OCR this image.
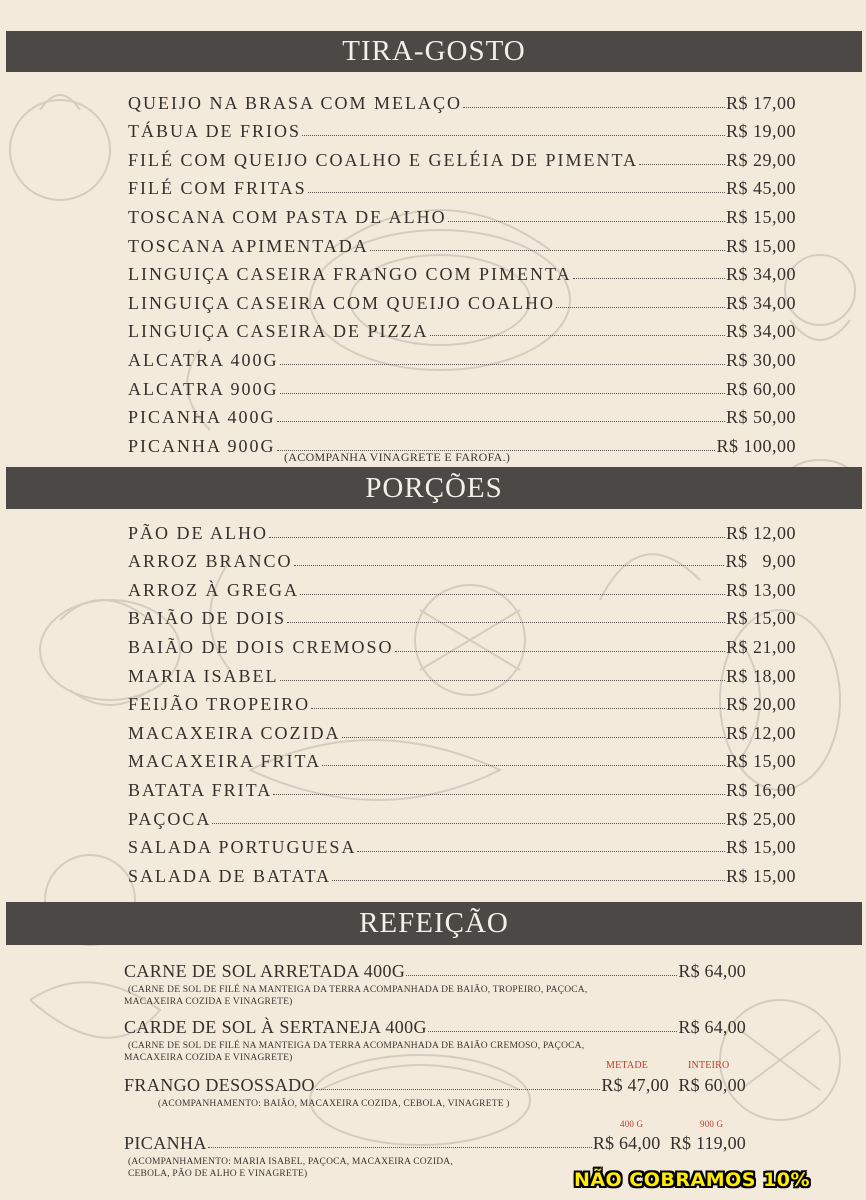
TIRA-GOSTO
QUEIJO NA BRASA COM MELAÇO	R$ 17,00
TÁBUA DE FRIOS	R$ 19,00
FILÉ COM QUEIJO COALHO E GELÉIA DE PIMENTA	R$ 29,00
FILÉ COM FRITAS	R$ 45,00
TOSCANA COM PASTA DE ALHO	R$ 15,00
TOSCANA APIMENTADA	R$ 15,00
LINGUIÇA CASEIRA FRANGO COM PIMENTA	R$ 34,00
LINGUIÇA CASEIRA COM QUEIJO COALHO	R$ 34,00
LINGUIÇA CASEIRA DE PIZZA	R$ 34,00
ALCATRA 400G	R$ 30,00
ALCATRA 900G	R$ 60,00
PICANHA 400G	R$ 50,00
PICANHA 900G	R$ 100,00
(ACOMPANHA VINAGRETE E FAROFA.)
PORÇÕES
PÃO DE ALHO	R$ 12,00
ARROZ BRANCO	R$   9,00
ARROZ À GREGA	R$ 13,00
BAIÃO DE DOIS	R$ 15,00
BAIÃO DE DOIS CREMOSO	R$ 21,00
MARIA ISABEL	R$ 18,00
FEIJÃO TROPEIRO	R$ 20,00
MACAXEIRA COZIDA	R$ 12,00
MACAXEIRA FRITA	R$ 15,00
BATATA FRITA	R$ 16,00
PAÇOCA	R$ 25,00
SALADA PORTUGUESA	R$ 15,00
SALADA DE BATATA	R$ 15,00
REFEIÇÃO
CARNE DE SOL ARRETADA 400G	R$ 64,00
(CARNE DE SOL DE FILÉ NA MANTEIGA DA TERRA ACOMPANHADA DE BAIÃO, TROPEIRO, PAÇOCA,
MACAXEIRA COZIDA E VINAGRETE)
CARDE DE SOL À SERTANEJA 400G	R$ 64,00
(CARNE DE SOL DE FILÉ NA MANTEIGA DA TERRA ACOMPANHADA DE BAIÃO CREMOSO, PAÇOCA,
MACAXEIRA COZIDA E VINAGRETE)
METADE	INTEIRO
FRANGO DESOSSADO	R$ 47,00  R$ 60,00
(ACOMPANHAMENTO: BAIÃO, MACAXEIRA COZIDA, CEBOLA, VINAGRETE )
400 G	900 G
PICANHA	R$ 64,00  R$ 119,00
(ACOMPANHAMENTO: MARIA ISABEL, PAÇOCA, MACAXEIRA COZIDA,
CEBOLA, PÃO DE ALHO E VINAGRETE)	NÃO COBRAMOS 10%
